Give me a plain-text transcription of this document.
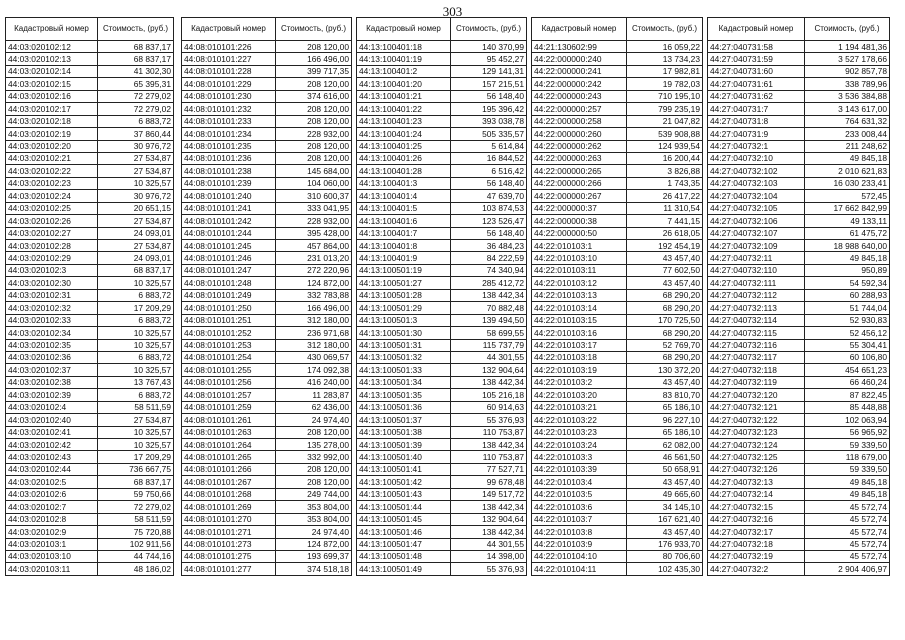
303
Кадастровый номер	Стоимость, (руб.)
44:03:020102:12	68 837,17
44:03:020102:13	68 837,17
44:03:020102:14	41 302,30
44:03:020102:15	65 395,31
44:03:020102:16	72 279,02
44:03:020102:17	72 279,02
44:03:020102:18	6 883,72
44:03:020102:19	37 860,44
44:03:020102:20	30 976,72
44:03:020102:21	27 534,87
44:03:020102:22	27 534,87
44:03:020102:23	10 325,57
44:03:020102:24	30 976,72
44:03:020102:25	20 651,15
44:03:020102:26	27 534,87
44:03:020102:27	24 093,01
44:03:020102:28	27 534,87
44:03:020102:29	24 093,01
44:03:020102:3	68 837,17
44:03:020102:30	10 325,57
44:03:020102:31	6 883,72
44:03:020102:32	17 209,29
44:03:020102:33	6 883,72
44:03:020102:34	10 325,57
44:03:020102:35	10 325,57
44:03:020102:36	6 883,72
44:03:020102:37	10 325,57
44:03:020102:38	13 767,43
44:03:020102:39	6 883,72
44:03:020102:4	58 511,59
44:03:020102:40	27 534,87
44:03:020102:41	10 325,57
44:03:020102:42	10 325,57
44:03:020102:43	17 209,29
44:03:020102:44	736 667,75
44:03:020102:5	68 837,17
44:03:020102:6	59 750,66
44:03:020102:7	72 279,02
44:03:020102:8	58 511,59
44:03:020102:9	75 720,88
44:03:020103:1	102 911,56
44:03:020103:10	44 744,16
44:03:020103:11	48 186,02
Кадастровый номер	Стоимость, (руб.)
44:08:010101:226	208 120,00
44:08:010101:227	166 496,00
44:08:010101:228	399 717,35
44:08:010101:229	208 120,00
44:08:010101:230	374 616,00
44:08:010101:232	208 120,00
44:08:010101:233	208 120,00
44:08:010101:234	228 932,00
44:08:010101:235	208 120,00
44:08:010101:236	208 120,00
44:08:010101:238	145 684,00
44:08:010101:239	104 060,00
44:08:010101:240	310 600,37
44:08:010101:241	333 041,95
44:08:010101:242	228 932,00
44:08:010101:244	395 428,00
44:08:010101:245	457 864,00
44:08:010101:246	231 013,20
44:08:010101:247	272 220,96
44:08:010101:248	124 872,00
44:08:010101:249	332 783,88
44:08:010101:250	166 496,00
44:08:010101:251	312 180,00
44:08:010101:252	236 971,68
44:08:010101:253	312 180,00
44:08:010101:254	430 069,57
44:08:010101:255	174 092,38
44:08:010101:256	416 240,00
44:08:010101:257	11 283,87
44:08:010101:259	62 436,00
44:08:010101:261	24 974,40
44:08:010101:263	208 120,00
44:08:010101:264	135 278,00
44:08:010101:265	332 992,00
44:08:010101:266	208 120,00
44:08:010101:267	208 120,00
44:08:010101:268	249 744,00
44:08:010101:269	353 804,00
44:08:010101:270	353 804,00
44:08:010101:271	24 974,40
44:08:010101:273	124 872,00
44:08:010101:275	193 699,37
44:08:010101:277	374 518,18
Кадастровый номер	Стоимость, (руб.)
44:13:100401:18	140 370,99
44:13:100401:19	95 452,27
44:13:100401:2	129 141,31
44:13:100401:20	157 215,51
44:13:100401:21	56 148,40
44:13:100401:22	195 396,42
44:13:100401:23	393 038,78
44:13:100401:24	505 335,57
44:13:100401:25	5 614,84
44:13:100401:26	16 844,52
44:13:100401:28	6 516,42
44:13:100401:3	56 148,40
44:13:100401:4	47 639,70
44:13:100401:5	103 874,53
44:13:100401:6	123 526,47
44:13:100401:7	56 148,40
44:13:100401:8	36 484,23
44:13:100401:9	84 222,59
44:13:100501:19	74 340,94
44:13:100501:27	285 412,72
44:13:100501:28	138 442,34
44:13:100501:29	70 882,48
44:13:100501:3	139 494,50
44:13:100501:30	58 699,55
44:13:100501:31	115 737,79
44:13:100501:32	44 301,55
44:13:100501:33	132 904,64
44:13:100501:34	138 442,34
44:13:100501:35	105 216,18
44:13:100501:36	60 914,63
44:13:100501:37	55 376,93
44:13:100501:38	110 753,87
44:13:100501:39	138 442,34
44:13:100501:40	110 753,87
44:13:100501:41	77 527,71
44:13:100501:42	99 678,48
44:13:100501:43	149 517,72
44:13:100501:44	138 442,34
44:13:100501:45	132 904,64
44:13:100501:46	138 442,34
44:13:100501:47	44 301,55
44:13:100501:48	14 398,00
44:13:100501:49	55 376,93
Кадастровый номер	Стоимость, (руб.)
44:21:130602:99	16 059,22
44:22:000000:240	13 734,23
44:22:000000:241	17 982,81
44:22:000000:242	19 782,03
44:22:000000:243	710 195,10
44:22:000000:257	799 235,19
44:22:000000:258	21 047,82
44:22:000000:260	539 908,88
44:22:000000:262	124 939,54
44:22:000000:263	16 200,44
44:22:000000:265	3 826,88
44:22:000000:266	1 743,35
44:22:000000:267	26 417,22
44:22:000000:37	11 310,54
44:22:000000:38	7 441,15
44:22:000000:50	26 618,05
44:22:010103:1	192 454,19
44:22:010103:10	43 457,40
44:22:010103:11	77 602,50
44:22:010103:12	43 457,40
44:22:010103:13	68 290,20
44:22:010103:14	68 290,20
44:22:010103:15	170 725,50
44:22:010103:16	68 290,20
44:22:010103:17	52 769,70
44:22:010103:18	68 290,20
44:22:010103:19	130 372,20
44:22:010103:2	43 457,40
44:22:010103:20	83 810,70
44:22:010103:21	65 186,10
44:22:010103:22	96 227,10
44:22:010103:23	65 186,10
44:22:010103:24	62 082,00
44:22:010103:3	46 561,50
44:22:010103:39	50 658,91
44:22:010103:4	43 457,40
44:22:010103:5	49 665,60
44:22:010103:6	34 145,10
44:22:010103:7	167 621,40
44:22:010103:8	43 457,40
44:22:010103:9	176 933,70
44:22:010104:10	80 706,60
44:22:010104:11	102 435,30
Кадастровый номер	Стоимость, (руб.)
44:27:040731:58	1 194 481,36
44:27:040731:59	3 527 178,66
44:27:040731:60	902 857,78
44:27:040731:61	338 789,96
44:27:040731:62	3 536 384,88
44:27:040731:7	3 143 617,00
44:27:040731:8	764 631,32
44:27:040731:9	233 008,44
44:27:040732:1	211 248,62
44:27:040732:10	49 845,18
44:27:040732:102	2 010 621,83
44:27:040732:103	16 030 233,41
44:27:040732:104	572,45
44:27:040732:105	17 662 842,99
44:27:040732:106	49 133,11
44:27:040732:107	61 475,72
44:27:040732:109	18 988 640,00
44:27:040732:11	49 845,18
44:27:040732:110	950,89
44:27:040732:111	54 592,34
44:27:040732:112	60 288,93
44:27:040732:113	51 744,04
44:27:040732:114	52 930,83
44:27:040732:115	52 456,12
44:27:040732:116	55 304,41
44:27:040732:117	60 106,80
44:27:040732:118	454 651,23
44:27:040732:119	66 460,24
44:27:040732:120	87 822,45
44:27:040732:121	85 448,88
44:27:040732:122	102 063,94
44:27:040732:123	56 965,92
44:27:040732:124	59 339,50
44:27:040732:125	118 679,00
44:27:040732:126	59 339,50
44:27:040732:13	49 845,18
44:27:040732:14	49 845,18
44:27:040732:15	45 572,74
44:27:040732:16	45 572,74
44:27:040732:17	45 572,74
44:27:040732:18	45 572,74
44:27:040732:19	45 572,74
44:27:040732:2	2 904 406,97
